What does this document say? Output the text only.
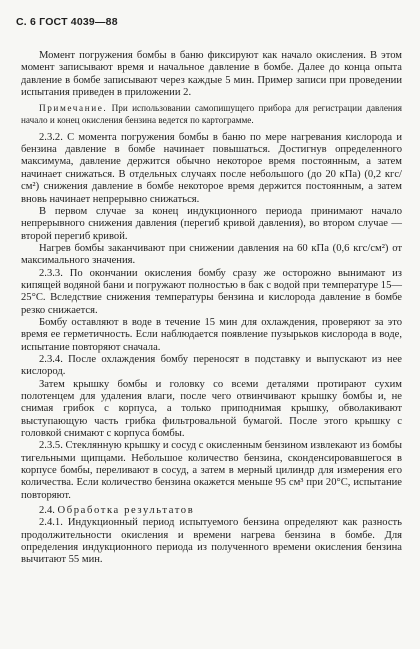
С. 6 ГОСТ 4039—88

Момент погружения бомбы в баню фиксируют как начало окисления. В этом момент записывают время и начальное давление в бомбе. Далее до конца опыта давление в бомбе записывают через каждые 5 мин. Пример записи при проведении испытания приведен в приложении 2.

Примечание. При использовании самопишущего прибора для регистрации давления начало и конец окисления бензина ведется по картограмме.

2.3.2. С момента погружения бомбы в баню по мере нагревания кислорода и бензина давление в бомбе начинает повышаться. Достигнув определенного максимума, давление держится обычно некоторое время постоянным, а затем начинает снижаться. В отдельных случаях после небольшого (до 20 кПа) (0,2 кгс/см²) снижения давление в бомбе некоторое время держится постоянным, а затем вновь начинает непрерывно снижаться.

В первом случае за конец индукционного периода принимают начало непрерывного снижения давления (перегиб кривой давления), во втором случае — второй перегиб кривой.

Нагрев бомбы заканчивают при снижении давления на 60 кПа (0,6 кгс/см²) от максимального значения.

2.3.3. По окончании окисления бомбу сразу же осторожно вынимают из кипящей водяной бани и погружают полностью в бак с водой при температуре 15—25°С. Вследствие снижения температуры бензина и кислорода давление в бомбе резко снижается.

Бомбу оставляют в воде в течение 15 мин для охлаждения, проверяют за это время ее герметичность. Если наблюдается появление пузырьков кислорода в воде, испытание повторяют сначала.

2.3.4. После охлаждения бомбу переносят в подставку и выпускают из нее кислород.

Затем крышку бомбы и головку со всеми деталями протирают сухим полотенцем для удаления влаги, после чего отвинчивают крышку бомбы и, не снимая грибок с корпуса, а только приподнимая крышку, обволакивают выступающую часть грибка фильтровальной бумагой. После этого крышку с головкой снимают с корпуса бомбы.

2.3.5. Стеклянную крышку и сосуд с окисленным бензином извлекают из бомбы тигельными щипцами. Небольшое количество бензина, сконденсировавшегося в корпусе бомбы, переливают в сосуд, а затем в мерный цилиндр для измерения его количества. Если количество бензина окажется меньше 95 см³ при 20°С, испытание повторяют.

2.4. Обработка результатов

2.4.1. Индукционный период испытуемого бензина определяют как разность продолжительности окисления и времени нагрева бензина в бомбе. Для определения индукционного периода из полученного времени окисления бензина вычитают 55 мин.
